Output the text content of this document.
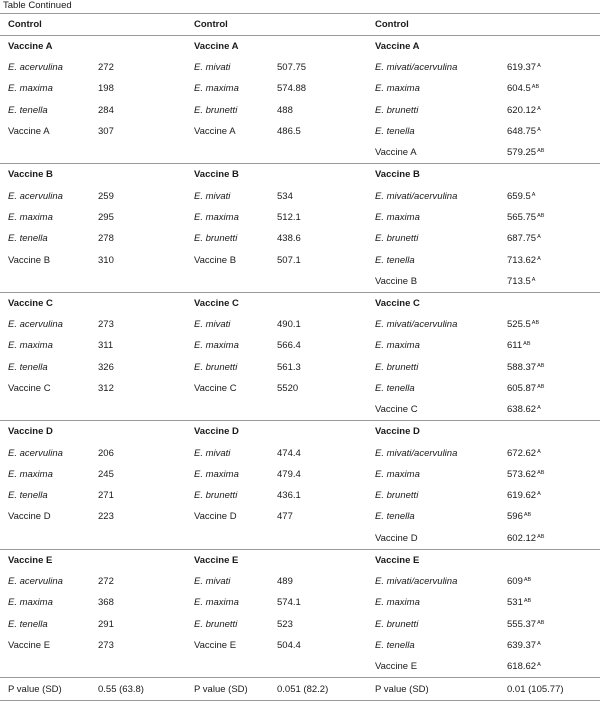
Table Continued
Control		Control		Control	
Vaccine A		Vaccine A		Vaccine A	
E. acervulina	272	E. mivati	507.75	E. mivati/acervulina	$619.37^A$
E. maxima	198	E. maxima	574.88	E. maxima	$604.5^{AB}$
E. tenella	284	E. brunetti	488	E. brunetti	$620.12^A$
Vaccine A	307	Vaccine A	486.5	E. tenella	$648.75^A$
				Vaccine A	$579.25^{AB}$
Vaccine B		Vaccine B		Vaccine B	
E. acervulina	259	E. mivati	534	E. mivati/acervulina	$659.5^A$
E. maxima	295	E. maxima	512.1	E. maxima	$565.75^{AB}$
E. tenella	278	E. brunetti	438.6	E. brunetti	$687.75^A$
Vaccine B	310	Vaccine B	507.1	E. tenella	$713.62^A$
				Vaccine B	$713.5^A$
Vaccine C		Vaccine C		Vaccine C	
E. acervulina	273	E. mivati	490.1	E. mivati/acervulina	$525.5^{AB}$
E. maxima	311	E. maxima	566.4	E. maxima	$611^{AB}$
E. tenella	326	E. brunetti	561.3	E. brunetti	$588.37^{AB}$
Vaccine C	312	Vaccine C	5520	E. tenella	$605.87^{AB}$
				Vaccine C	$638.62^A$
Vaccine D		Vaccine D		Vaccine D	
E. acervulina	206	E. mivati	474.4	E. mivati/acervulina	$672.62^A$
E. maxima	245	E. maxima	479.4	E. maxima	$573.62^{AB}$
E. tenella	271	E. brunetti	436.1	E. brunetti	$619.62^A$
Vaccine D	223	Vaccine D	477	E. tenella	$596^{AB}$
				Vaccine D	$602.12^{AB}$
Vaccine E		Vaccine E		Vaccine E	
E. acervulina	272	E. mivati	489	E. mivati/acervulina	$609^{AB}$
E. maxima	368	E. maxima	574.1	E. maxima	$531^{AB}$
E. tenella	291	E. brunetti	523	E. brunetti	$555.37^{AB}$
Vaccine E	273	Vaccine E	504.4	E. tenella	$639.37^A$
				Vaccine E	$618.62^A$
P value (SD)	0.55 (63.8)	P value (SD)	0.051 (82.2)	P value (SD)	0.01 (105.77)
